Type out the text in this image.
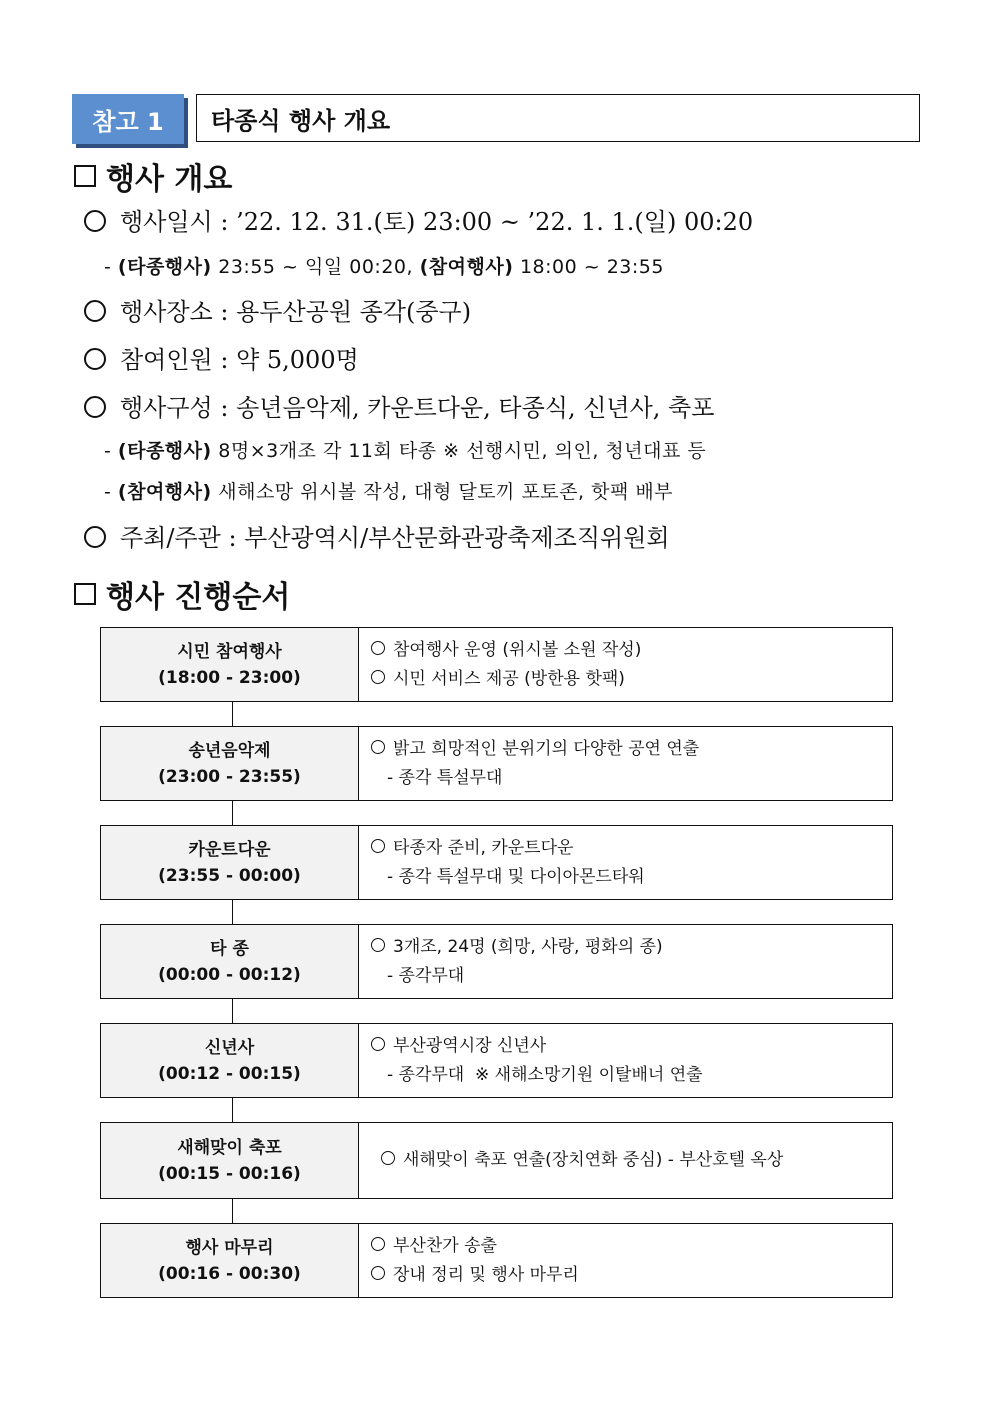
참고 1	타종식 행사 개요
행사 개요
행사일시 : ’22. 12. 31.(토) 23:00 ~ ’22. 1. 1.(일) 00:20
- (타종행사) 23:55 ~ 익일 00:20, (참여행사) 18:00 ~ 23:55
행사장소 : 용두산공원 종각(중구)
참여인원 : 약 5,000명
행사구성 : 송년음악제, 카운트다운, 타종식, 신년사, 축포
- (타종행사) 8명×3개조 각 11회 타종 ※ 선행시민, 의인, 청년대표 등
- (참여행사) 새해소망 위시볼 작성, 대형 달토끼 포토존, 핫팩 배부
주최/주관 : 부산광역시/부산문화관광축제조직위원회
행사 진행순서
시민 참여행사
(18:00 - 23:00)
참여행사 운영 (위시볼 소원 작성)
시민 서비스 제공 (방한용 핫팩)
송년음악제
(23:00 - 23:55)
밝고 희망적인 분위기의 다양한 공연 연출
- 종각 특설무대
카운트다운
(23:55 - 00:00)
타종자 준비, 카운트다운
- 종각 특설무대 및 다이아몬드타워
타 종
(00:00 - 00:12)
3개조, 24명 (희망, 사랑, 평화의 종)
- 종각무대
신년사
(00:12 - 00:15)
부산광역시장 신년사
- 종각무대  ※ 새해소망기원 이탈배너 연출
새해맞이 축포
(00:15 - 00:16)
새해맞이 축포 연출(장치연화 중심) - 부산호텔 옥상
행사 마무리
(00:16 - 00:30)
부산찬가 송출
장내 정리 및 행사 마무리
